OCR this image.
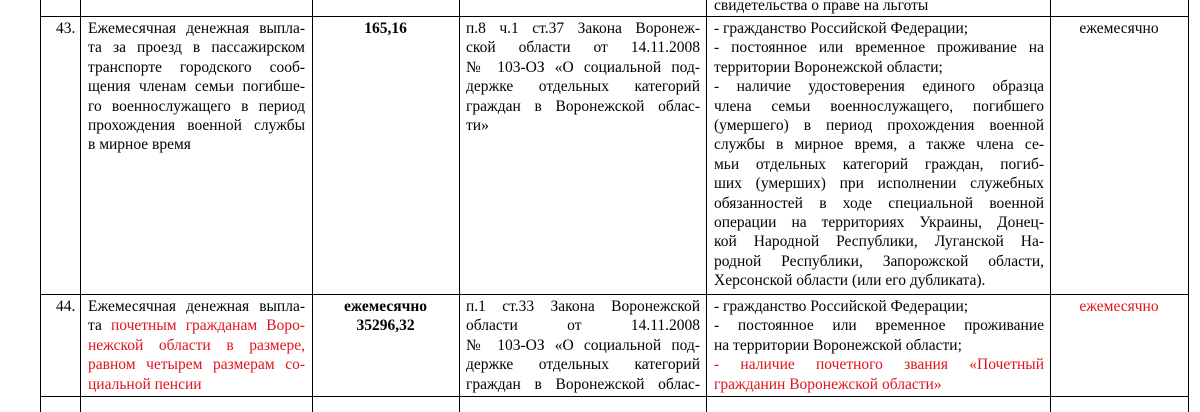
свидетельства о праве на льготы
43. Ежемесячная денежная выпла-
та за проезд в пассажирском
транспорте городского сооб-
щения членам семьи погибше-
го военнослужащего в период
прохождения военной службы
в мирное время
165,16	п.8 ч.1 ст.37 Закона Воронеж-
ской области от 14.11.2008
№ 103-ОЗ «О социальной под-
держке отдельных категорий
граждан в Воронежской облас-
ти»
- гражданство Российской Федерации;
- постоянное или временное проживание на
территории Воронежской области;
- наличие удостоверения единого образца
члена семьи военнослужащего, погибшего
(умершего) в период прохождения военной
службы в мирное время, а также члена се-
мьи отдельных категорий граждан, погиб-
ших (умерших) при исполнении служебных
обязанностей в ходе специальной военной
операции на территориях Украины, Донец-
кой Народной Республики, Луганской На-
родной Республики, Запорожской области,
Херсонской области (или его дубликата).
ежемесячно
44. Ежемесячная денежная выпла-
та почетным гражданам Воро-
нежской области в размере,
равном четырем размерам со-
циальной пенсии
ежемесячно
35296,32
п.1 ст.33 Закона Воронежской
области от 14.11.2008
№ 103-ОЗ «О социальной под-
держке отдельных категорий
граждан в Воронежской облас-
- гражданство Российской Федерации;
- постоянное или временное проживание
на территории Воронежской области;
- наличие почетного звания «Почетный
гражданин Воронежской области»
ежемесячно
